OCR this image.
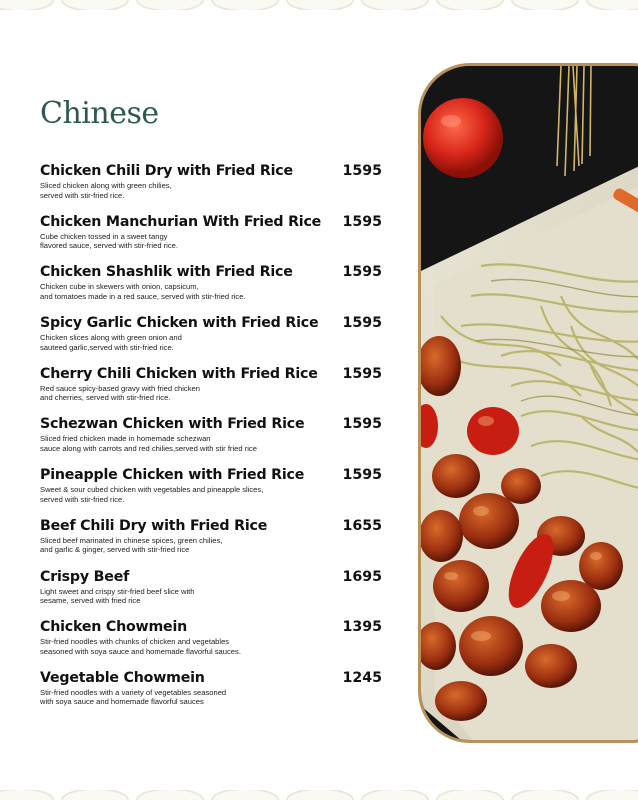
Chinese
Chicken Chili Dry with Fried Rice	1595
Sliced chicken along with green chilies,
served with stir-fried rice.
Chicken Manchurian With Fried Rice	1595
Cube chicken tossed in a sweet tangy
flavored sauce, served with stir-fried rice.
Chicken Shashlik with Fried Rice	1595
Chicken cube in skewers with onion, capsicum,
and tomatoes made in a red sauce, served with stir-fried rice.
Spicy Garlic Chicken with Fried Rice	1595
Chicken slices along with green onion and
sauteed garlic,served with stir-fried rice.
Cherry Chili Chicken with Fried Rice	1595
Red sauce spicy-based gravy with fried chicken
and cherries, served with stir-fried rice.
Schezwan Chicken with Fried Rice	1595
Sliced fried chicken made in homemade schezwan
sauce along with carrots and red chilies,served with stir fried rice
Pineapple Chicken with Fried Rice	1595
Sweet & sour cubed chicken with vegetables and pineapple slices,
served with stir-fried rice.
Beef Chili Dry with Fried Rice	1655
Sliced beef marinated in chinese spices, green chilies,
and garlic & ginger, served with stir-fried rice
Crispy Beef	1695
Light sweet and crispy stir-fried beef slice with
sesame, served with fried rice
Chicken Chowmein	1395
Stir-fried noodles with chunks of chicken and vegetables
seasoned with soya sauce and homemade flavorful sauces.
Vegetable Chowmein	1245
Stir-fried noodles with a variety of vegetables seasoned
with soya sauce and homemade flavorful sauces
